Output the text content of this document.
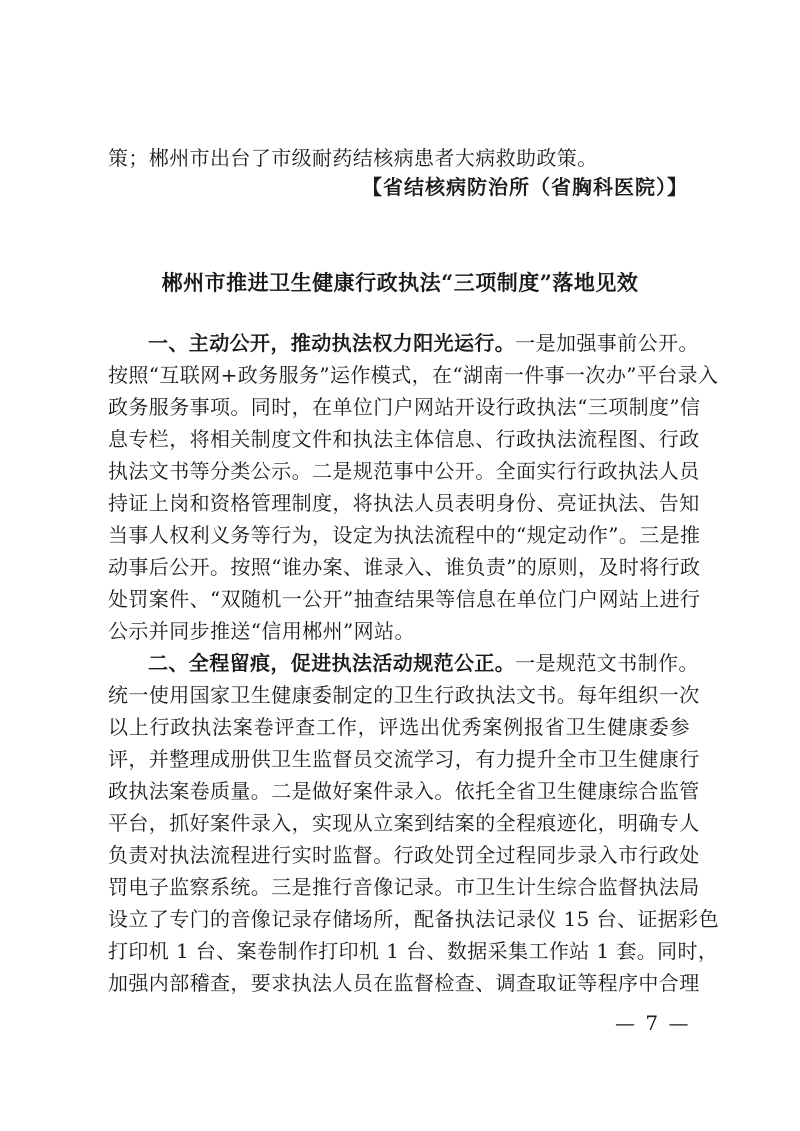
策；郴州市出台了市级耐药结核病患者大病救助政策。
【省结核病防治所（省胸科医院）】
郴州市推进卫生健康行政执法“三项制度”落地见效
一、主动公开，推动执法权力阳光运行。一是加强事前公开。
按照“互联网+政务服务”运作模式，在“湖南一件事一次办”平台录入
政务服务事项。同时，在单位门户网站开设行政执法“三项制度”信
息专栏，将相关制度文件和执法主体信息、行政执法流程图、行政
执法文书等分类公示。二是规范事中公开。全面实行行政执法人员
持证上岗和资格管理制度，将执法人员表明身份、亮证执法、告知
当事人权利义务等行为，设定为执法流程中的“规定动作”。三是推
动事后公开。按照“谁办案、谁录入、谁负责”的原则，及时将行政
处罚案件、“双随机一公开”抽查结果等信息在单位门户网站上进行
公示并同步推送“信用郴州”网站。
二、全程留痕，促进执法活动规范公正。一是规范文书制作。
统一使用国家卫生健康委制定的卫生行政执法文书。每年组织一次
以上行政执法案卷评查工作，评选出优秀案例报省卫生健康委参
评，并整理成册供卫生监督员交流学习，有力提升全市卫生健康行
政执法案卷质量。二是做好案件录入。依托全省卫生健康综合监管
平台，抓好案件录入，实现从立案到结案的全程痕迹化，明确专人
负责对执法流程进行实时监督。行政处罚全过程同步录入市行政处
罚电子监察系统。三是推行音像记录。市卫生计生综合监督执法局
设立了专门的音像记录存储场所，配备执法记录仪 15 台、证据彩色
打印机 1 台、案卷制作打印机 1 台、数据采集工作站 1 套。同时，
加强内部稽查，要求执法人员在监督检查、调查取证等程序中合理
— 7 —
